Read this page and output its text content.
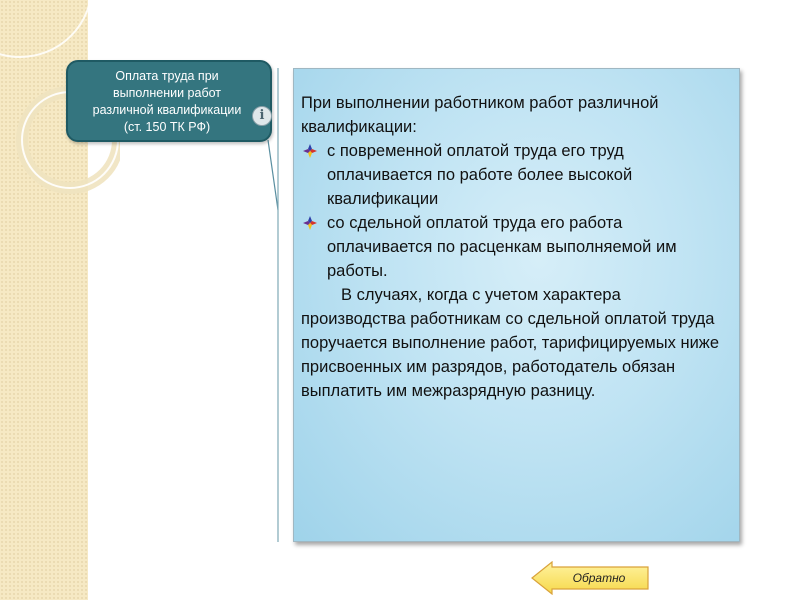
Оплата труда при
выполнении работ
различной квалификации
(ст. 150 ТК РФ)
i

При выполнении работником работ различной квалификации:

с повременной оплатой труда его труд оплачивается по работе более высокой квалификации
со сдельной оплатой труда его работа оплачивается по расценкам выполняемой им работы.

В случаях, когда с учетом характера производства работникам со сдельной оплатой труда поручается выполнение работ, тарифицируемых ниже присвоенных им разрядов, работодатель обязан выплатить им межразрядную разницу.

Обратно
